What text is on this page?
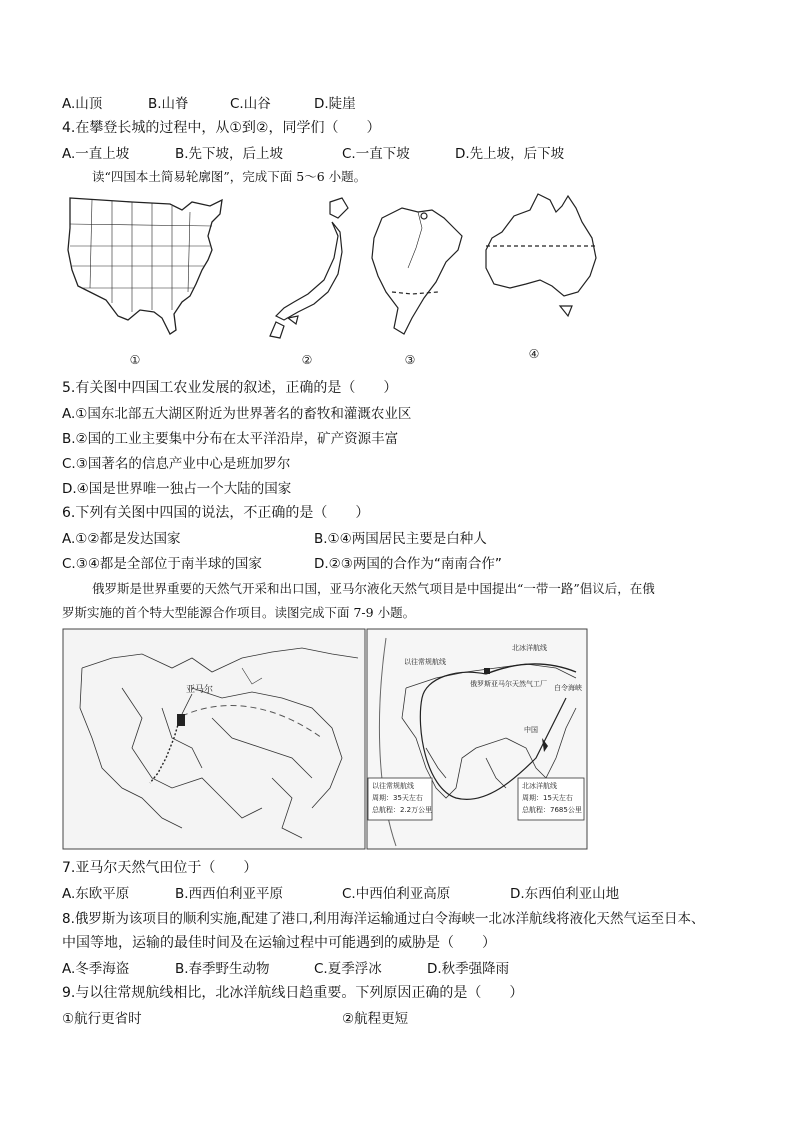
A.山顶	B.山脊	C.山谷	D.陡崖
4.在攀登长城的过程中，从①到②，同学们（　　）
A.一直上坡	B.先下坡，后上坡	C.一直下坡	D.先上坡，后下坡
读“四国本土简易轮廓图”，完成下面 5～6 小题。
①	②	③	④
5.有关图中四国工农业发展的叙述，正确的是（　　）
A.①国东北部五大湖区附近为世界著名的畜牧和灌溉农业区
B.②国的工业主要集中分布在太平洋沿岸，矿产资源丰富
C.③国著名的信息产业中心是班加罗尔
D.④国是世界唯一独占一个大陆的国家
6.下列有关图中四国的说法，不正确的是（　　）
A.①②都是发达国家	B.①④两国居民主要是白种人
C.③④都是全部位于南半球的国家	D.②③两国的合作为“南南合作”
俄罗斯是世界重要的天然气开采和出口国，亚马尔液化天然气项目是中国提出“一带一路”倡议后，在俄
罗斯实施的首个特大型能源合作项目。读图完成下面 7-9 小题。
亚马尔
北冰洋航线
以往常规航线
俄罗斯亚马尔天然气工厂 白令海峡
中国
以往常规航线
周期：35天左右
总航程：2.2万公里
北冰洋航线
周期：15天左右
总航程：7685公里
7.亚马尔天然气田位于（　　）
A.东欧平原	B.西西伯利亚平原	C.中西伯利亚高原	D.东西伯利亚山地
8.俄罗斯为该项目的顺利实施,配建了港口,利用海洋运输通过白令海峡一北冰洋航线将液化天然气运至日本、
中国等地，运输的最佳时间及在运输过程中可能遇到的威胁是（　　）
A.冬季海盗	B.春季野生动物	C.夏季浮冰	D.秋季强降雨
9.与以往常规航线相比，北冰洋航线日趋重要。下列原因正确的是（　　）
①航行更省时	②航程更短
